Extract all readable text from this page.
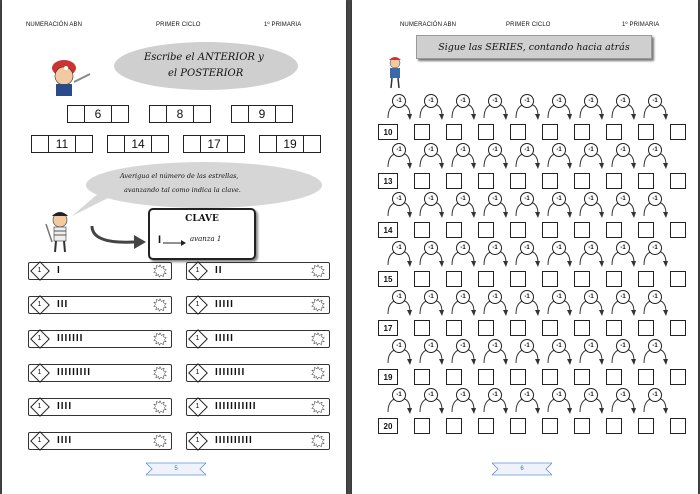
NUMERACIÓN ABN	PRIMER CICLO	1º PRIMARIA
Escribe el ANTERIOR y
el POSTERIOR
6	8	9
11	14	17	19
Averigua el número de las estrellas,
avanzando tal como indica la clave.
CLAVE
I	avanza 1
1 I	1 II
1 III	1 IIIII
1 IIIIIII	1 IIIII
1 IIIIIIIII	1 IIIIIIII
1 IIII	1 IIIIIIIIIII
1 IIII	1 IIIIIIIIII
5
NUMERACIÓN ABN	PRIMER CICLO	1º PRIMARIA
Sigue las SERIES, contando hacia atrás
-1	-1	-1	-1	-1	-1	-1	-1	-1
10
-1	-1	-1	-1	-1	-1	-1	-1	-1
13
-1	-1	-1	-1	-1	-1	-1	-1	-1
14
-1	-1	-1	-1	-1	-1	-1	-1	-1
15
-1	-1	-1	-1	-1	-1	-1	-1	-1
17
-1	-1	-1	-1	-1	-1	-1	-1	-1
19
-1	-1	-1	-1	-1	-1	-1	-1	-1
20
6
